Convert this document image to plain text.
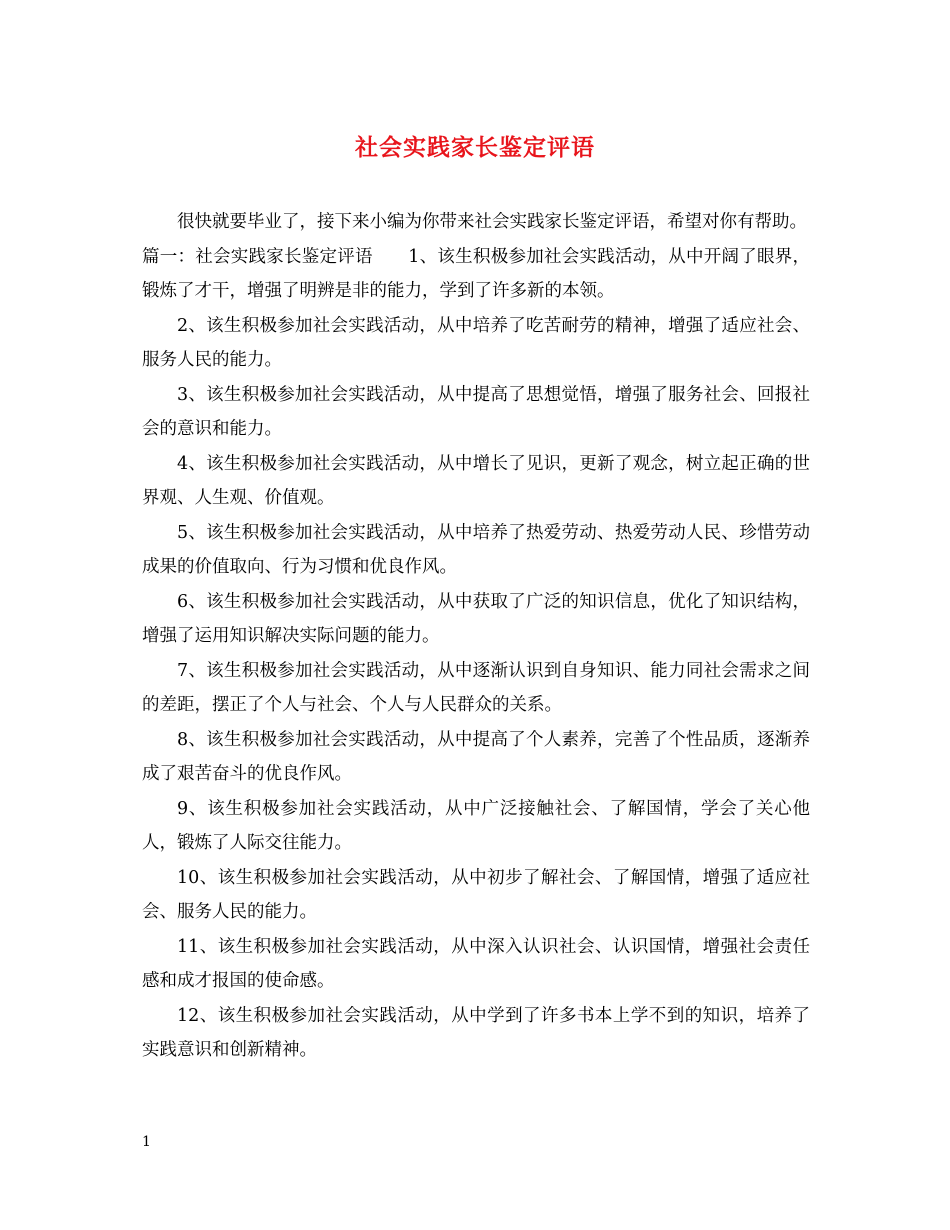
社会实践家长鉴定评语

很快就要毕业了，接下来小编为你带来社会实践家长鉴定评语，希望对你有帮助。

篇一：社会实践家长鉴定评语　　1、该生积极参加社会实践活动，从中开阔了眼界，锻炼了才干，增强了明辨是非的能力，学到了许多新的本领。

2、该生积极参加社会实践活动，从中培养了吃苦耐劳的精神，增强了适应社会、服务人民的能力。

3、该生积极参加社会实践活动，从中提高了思想觉悟，增强了服务社会、回报社会的意识和能力。

4、该生积极参加社会实践活动，从中增长了见识，更新了观念，树立起正确的世界观、人生观、价值观。

5、该生积极参加社会实践活动，从中培养了热爱劳动、热爱劳动人民、珍惜劳动成果的价值取向、行为习惯和优良作风。

6、该生积极参加社会实践活动，从中获取了广泛的知识信息，优化了知识结构，增强了运用知识解决实际问题的能力。

7、该生积极参加社会实践活动，从中逐渐认识到自身知识、能力同社会需求之间的差距，摆正了个人与社会、个人与人民群众的关系。

8、该生积极参加社会实践活动，从中提高了个人素养，完善了个性品质，逐渐养成了艰苦奋斗的优良作风。

9、该生积极参加社会实践活动，从中广泛接触社会、了解国情，学会了关心他人，锻炼了人际交往能力。

10、该生积极参加社会实践活动，从中初步了解社会、了解国情，增强了适应社会、服务人民的能力。

11、该生积极参加社会实践活动，从中深入认识社会、认识国情，增强社会责任感和成才报国的使命感。

12、该生积极参加社会实践活动，从中学到了许多书本上学不到的知识，培养了实践意识和创新精神。

1
